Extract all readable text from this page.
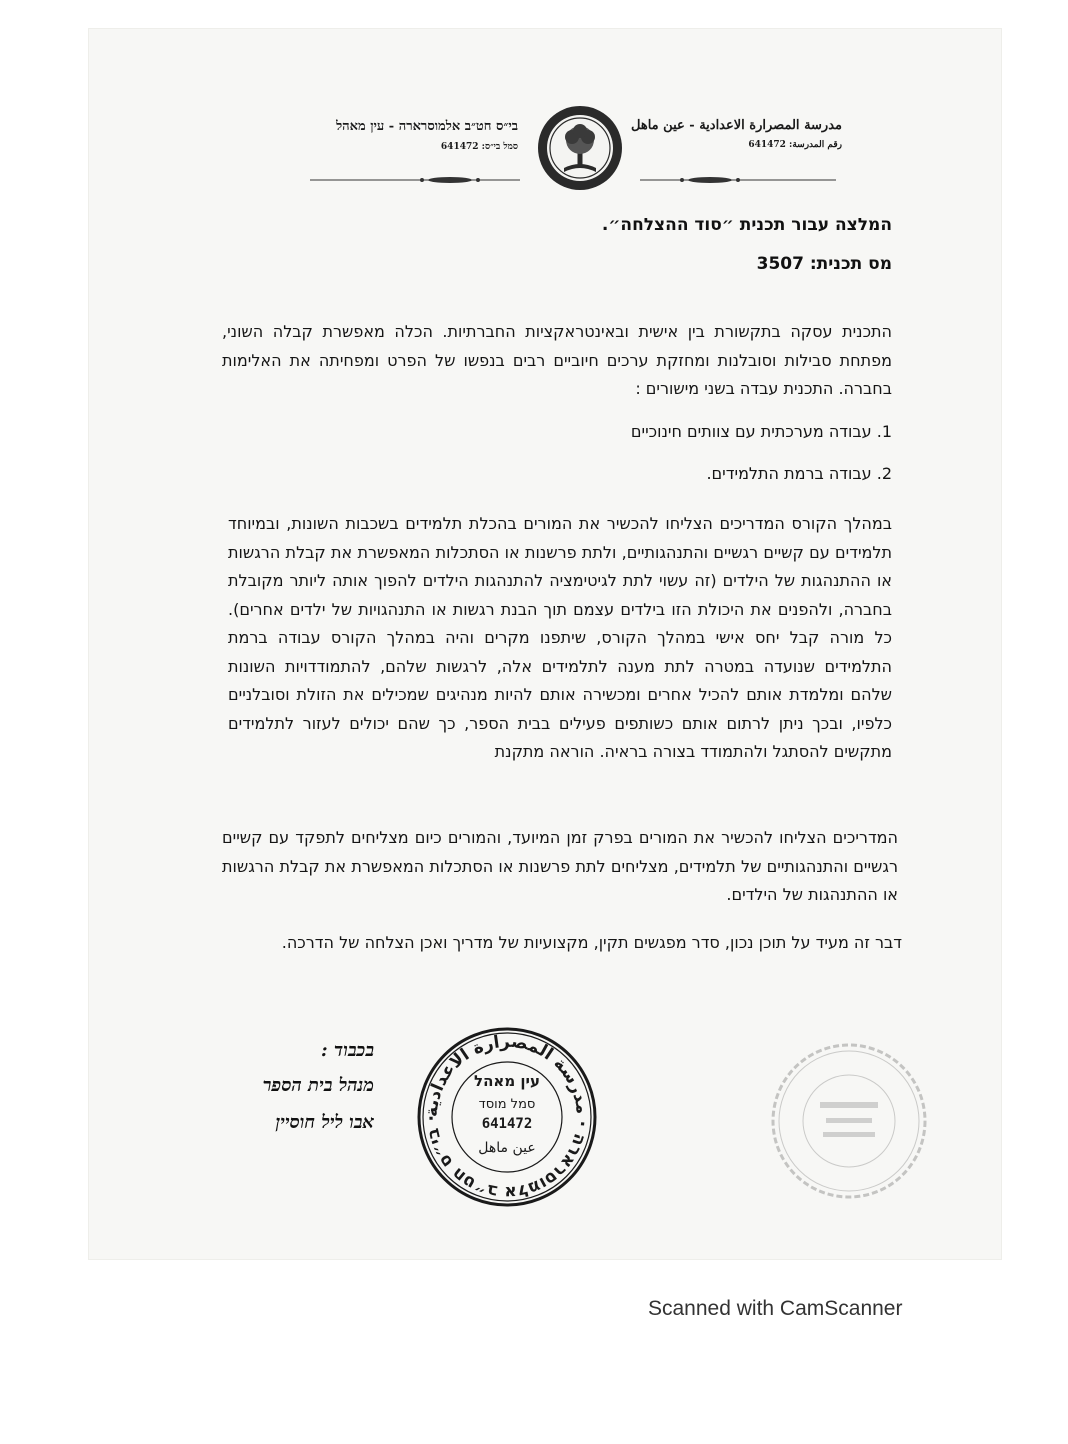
בי״ס חט״ב אלמוסרארה - עין מאהל
סמל בי״ס: 641472
مدرسة المصرارة الاعدادية - عين ماهل
رقم المدرسة: 641472
המלצה עבור תכנית ״סוד ההצלחה״.
מס תכנית: 3507
התכנית עסקה בתקשורת בין אישית ובאינטראקציות החברתיות. הכלה מאפשרת קבלה השוני, מפתחת סבילות וסובלנות ומחזקת ערכים חיוביים רבים בנפשו של הפרט ומפחיתה את האלימות בחברה. התכנית עבדה בשני מישורים :
1. עבודה מערכתית עם צוותים חינוכיים
2. עבודה ברמת התלמידים.
במהלך הקורס המדריכים הצליחו להכשיר את המורים בהכלת תלמידים בשכבות השונות, ובמיוחד תלמידים עם קשיים רגשיים והתנהגותיים, ולתת פרשנות או הסתכלות המאפשרת את קבלת הרגשות או ההתנהגות של הילדים (זה עשוי לתת לגיטימציה להתנהגות הילדים להפוך אותה ליותר מקובלת בחברה, ולהפנים את היכולת הזו בילדים עצמם תוך הבנת רגשות או התנהגויות של ילדים אחרים). כל מורה קבל יחס אישי במהלך הקורס, שיתפנו מקרים והיה במהלך הקורס עבודה ברמת התלמידים שנועדה במטרה לתת מענה לתלמידים אלה, לרגשות שלהם, להתמודדויות השונות שלהם ומלמדת אותם להכיל אחרים ומכשירה אותם להיות מנהיגים שמכילים את הזולת וסובלניים כלפיו, ובכך ניתן לרתום אותם כשותפים פעילים בבית הספר, כך שהם יכולים לעזור לתלמידים מתקשים להסתגל ולהתמודד בצורה בראיה. הוראה מתקנת
המדריכים הצליחו להכשיר את המורים בפרק זמן המיועד, והמורים כיום מצליחים לתפקד עם קשיים רגשיים והתנהגותיים של תלמידים, מצליחים לתת פרשנות או הסתכלות המאפשרת את קבלת הרגשות או ההתנהגות של הילדים.
דבר זה מעיד על תוכן נכון, סדר מפגשים תקין, מקצועיות של מדריך ואכן הצלחה של הדרכה.
בכבוד :
מנהל בית הספר
אבו ליל חוסיין
בי״ס חט״ב אלמוסרארה · مدرسة المصرارة الاعدادية ·
עין מאהל
סמל מוסד
641472
عين ماهل
Scanned with CamScanner
